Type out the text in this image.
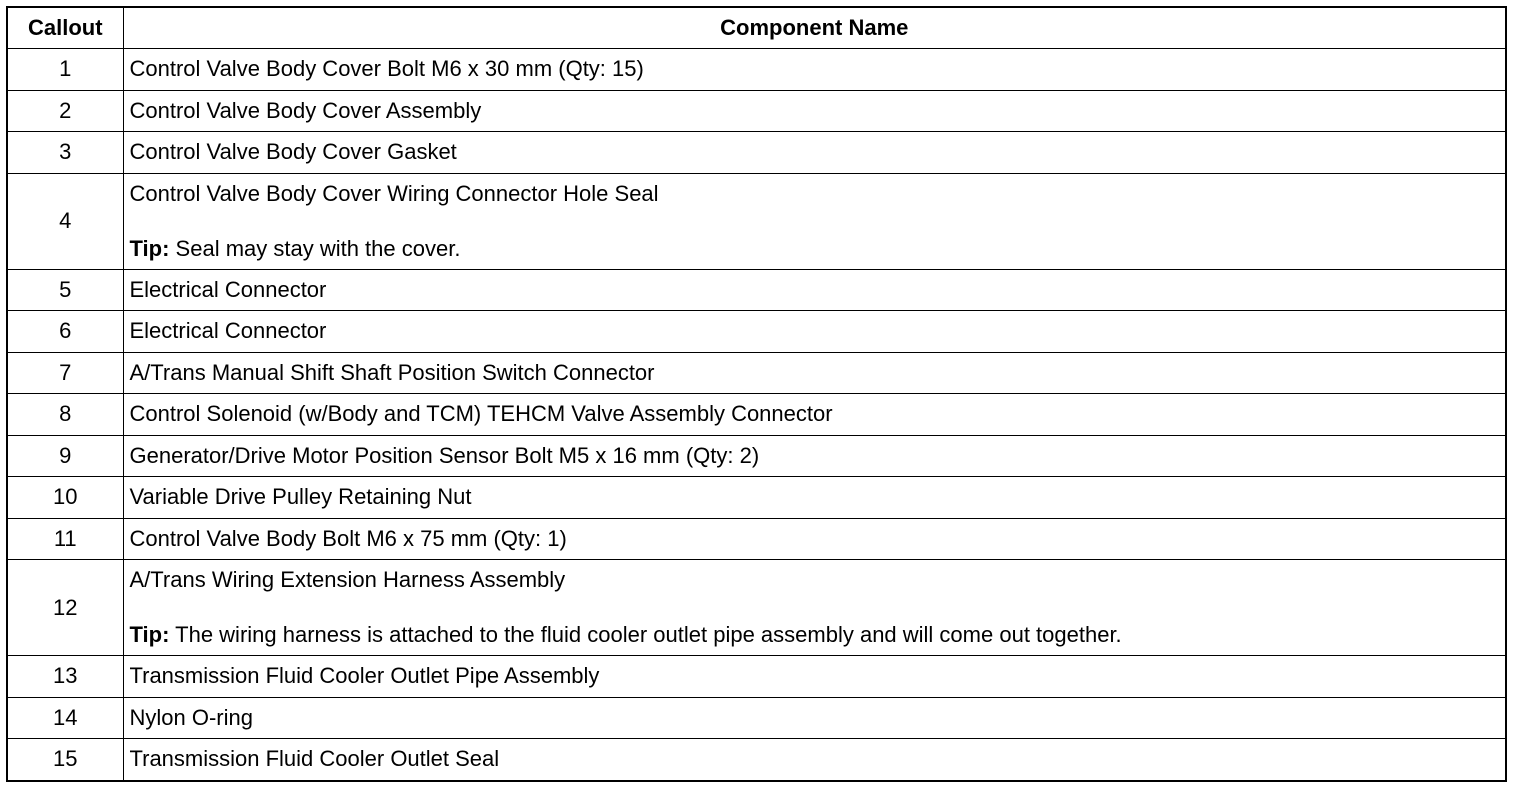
Callout	Component Name
1	Control Valve Body Cover Bolt M6 x 30 mm (Qty: 15)
2	Control Valve Body Cover Assembly
3	Control Valve Body Cover Gasket
4	Control Valve Body Cover Wiring Connector Hole Seal
Tip: Seal may stay with the cover.

5	Electrical Connector
6	Electrical Connector
7	A/Trans Manual Shift Shaft Position Switch Connector
8	Control Solenoid (w/Body and TCM) TEHCM Valve Assembly Connector
9	Generator/Drive Motor Position Sensor Bolt M5 x 16 mm (Qty: 2)
10	Variable Drive Pulley Retaining Nut
11	Control Valve Body Bolt M6 x 75 mm (Qty: 1)
12	A/Trans Wiring Extension Harness Assembly
Tip: The wiring harness is attached to the fluid cooler outlet pipe assembly and will come out together.

13	Transmission Fluid Cooler Outlet Pipe Assembly
14	Nylon O-ring
15	Transmission Fluid Cooler Outlet Seal
